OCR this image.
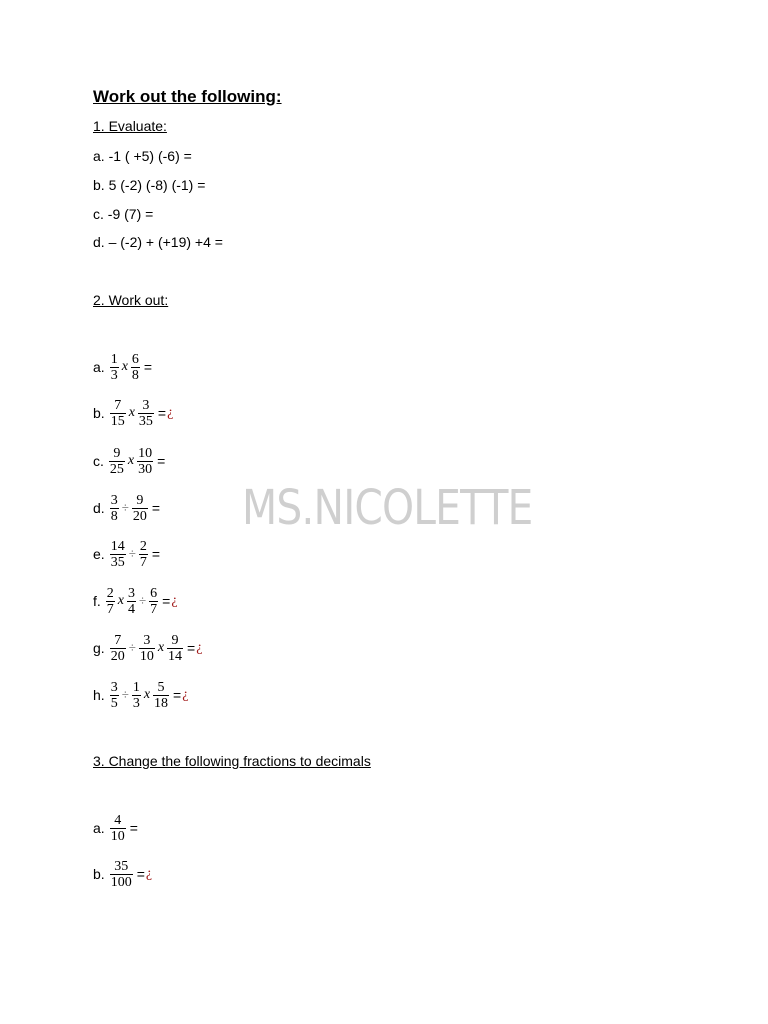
Work out the following:
1. Evaluate:
a. -1 ( +5) (-6) =
b. 5 (-2) (-8) (-1) =
c. -9 (7) =
d. – (-2) + (+19) +4 =
2. Work out:
a. $\frac{1}{3}$ x $\frac{6}{8}$ =
b. $\frac{7}{15}$ x $\frac{3}{35}$ = ¿
c. $\frac{9}{25}$ x $\frac{10}{30}$ =
d. $\frac{3}{8} \div \frac{9}{20}$ =
e. $\frac{14}{35} \div \frac{2}{7}$ =
f. $\frac{2}{7}$ x $\frac{3}{4} \div \frac{6}{7}$ = ¿
g. $\frac{7}{20} \div \frac{3}{10}$ x $\frac{9}{14}$ = ¿
h. $\frac{3}{5} \div \frac{1}{3}$ x $\frac{5}{18}$ = ¿
3. Change the following fractions to decimals
a. $\frac{4}{10}$ =
b. $\frac{35}{100}$ = ¿
MS.NICOLETTE
